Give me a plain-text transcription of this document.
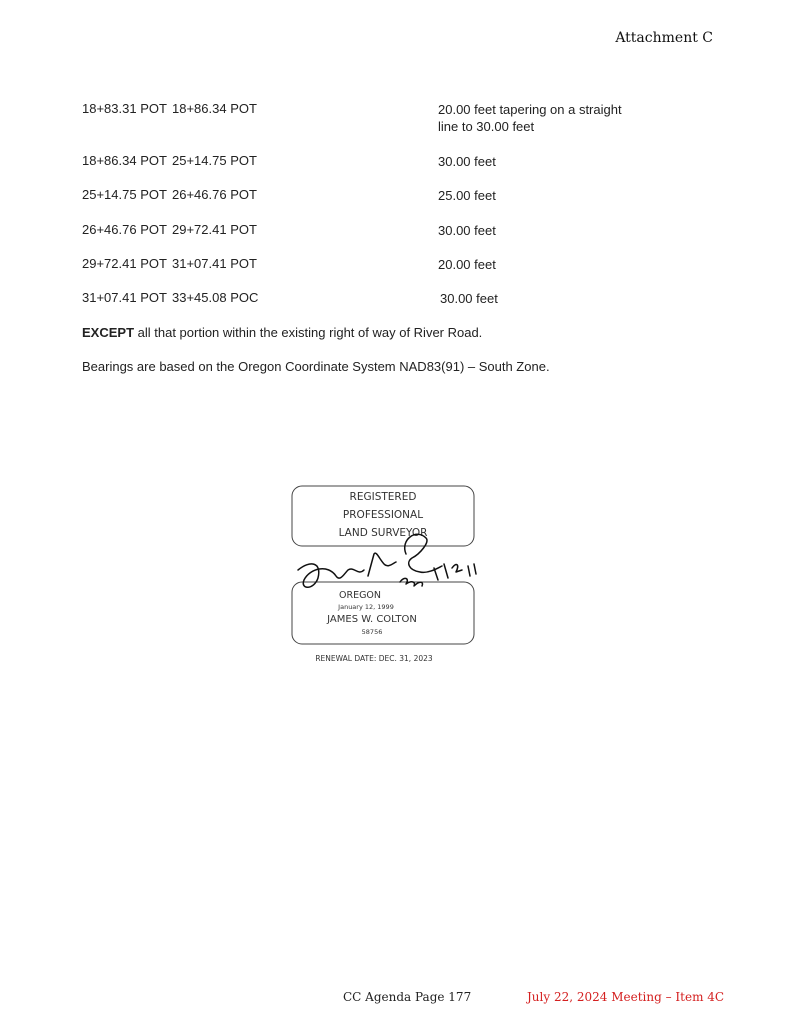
Attachment C
18+83.31 POT 18+86.34 POT	20.00 feet tapering on a straight
line to 30.00 feet
18+86.34 POT 25+14.75 POT	30.00 feet
25+14.75 POT 26+46.76 POT	25.00 feet
26+46.76 POT 29+72.41 POT	30.00 feet
29+72.41 POT 31+07.41 POT	20.00 feet
31+07.41 POT 33+45.08 POC	30.00 feet
EXCEPT all that portion within the existing right of way of River Road.
Bearings are based on the Oregon Coordinate System NAD83(91) – South Zone.
REGISTERED
PROFESSIONAL
LAND SURVEYOR
OREGON
January 12, 1999
JAMES W. COLTON
58756
RENEWAL DATE: DEC. 31, 2023
CC Agenda Page 177	July 22, 2024 Meeting – Item 4C
